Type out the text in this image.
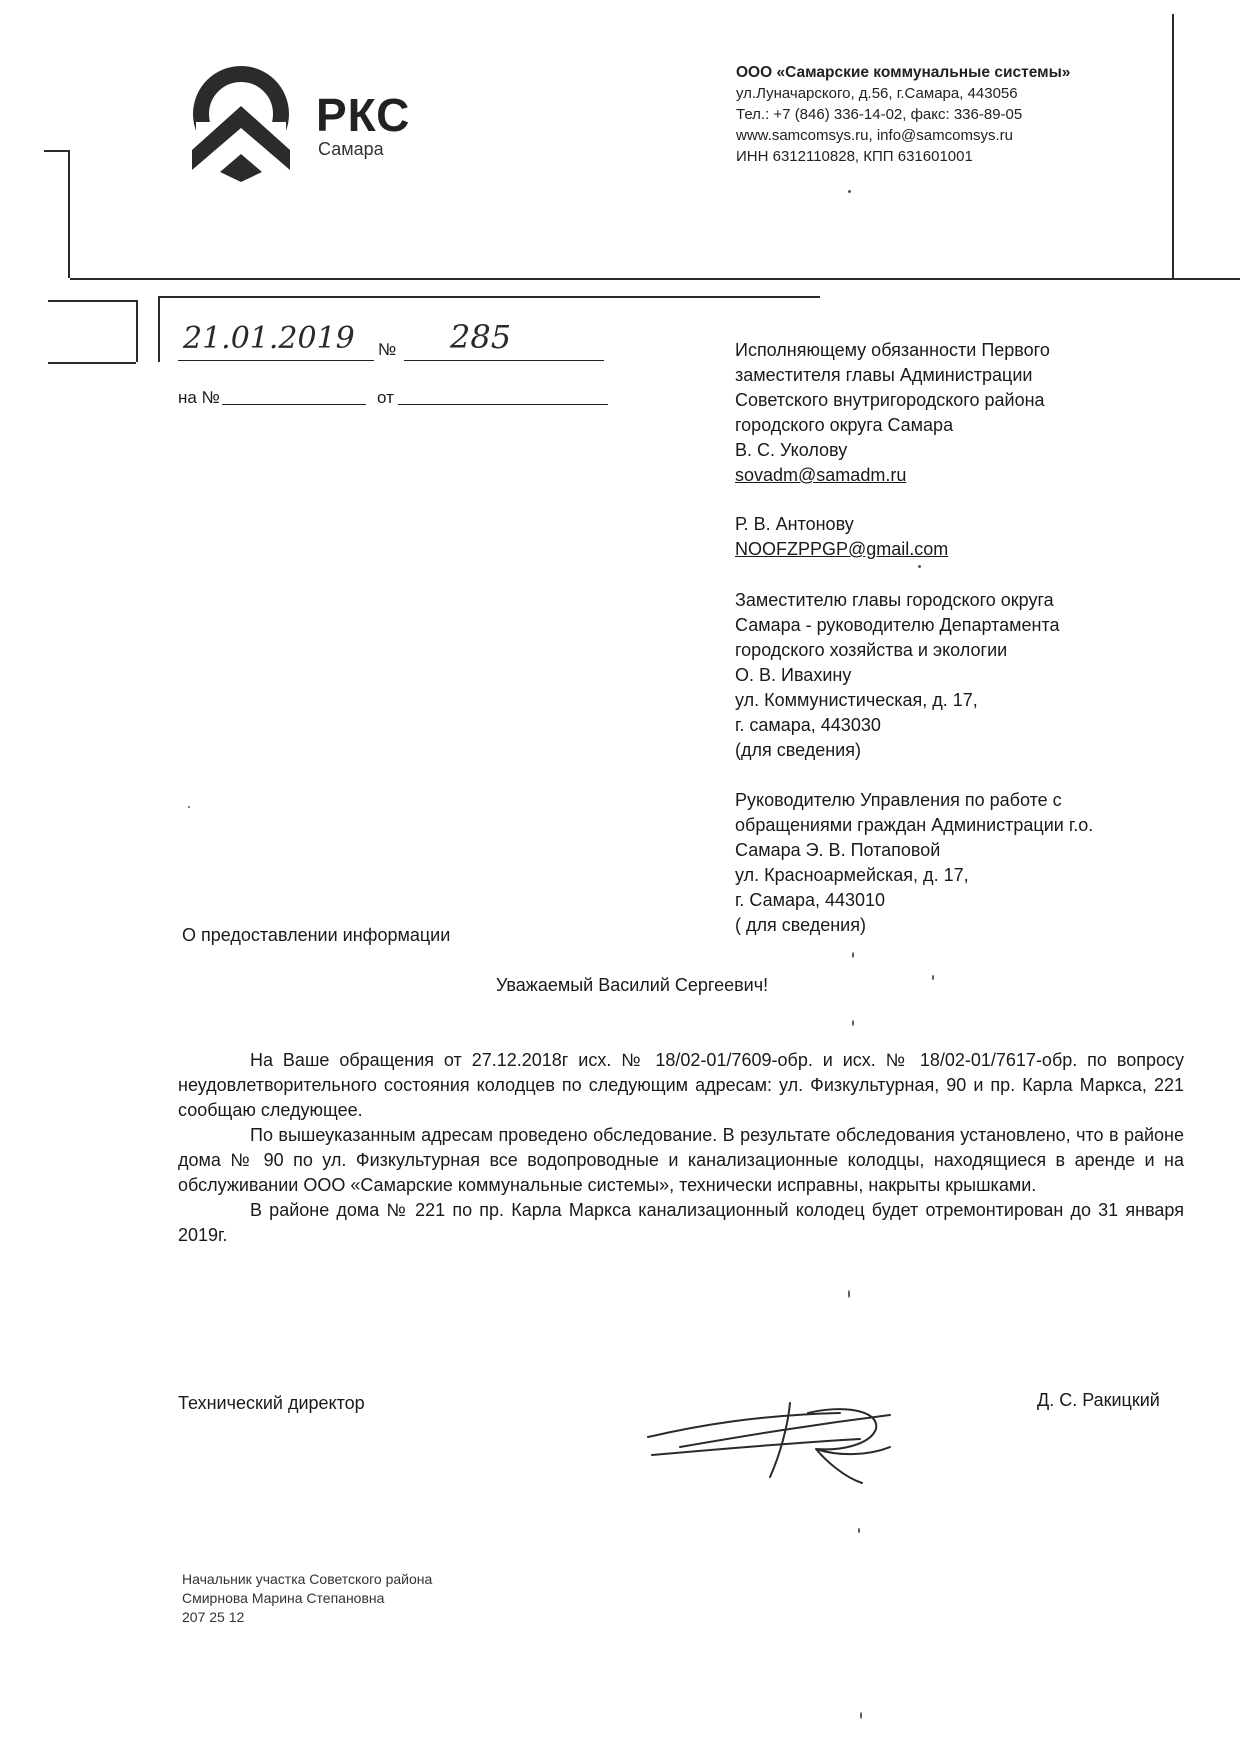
РКС
Самара
ООО «Самарские коммунальные системы»
ул.Луначарского, д.56, г.Самара, 443056
Тел.: +7 (846) 336-14-02, факс: 336-89-05
www.samcomsys.ru, info@samcomsys.ru
ИНН 6312110828, КПП 631601001
21.01.2019 № 285
на №	от
Исполняющему обязанности Первого
заместителя главы Администрации
Советского внутригородского района
городского округа Самара
В. С. Уколову
sovadm@samadm.ru
Р. В. Антонову
NOOFZPPGP@gmail.com
Заместителю главы городского округа
Самара - руководителю Департамента
городского хозяйства и экологии
О. В. Ивахину
ул. Коммунистическая, д. 17,
г. самара, 443030
(для сведения)
Руководителю Управления по работе с
обращениями граждан Администрации г.о.
Самара Э. В. Потаповой
ул. Красноармейская, д. 17,
г. Самара, 443010
( для сведения)
О предоставлении информации
Уважаемый Василий Сергеевич!

На Ваше обращения от 27.12.2018г исх. № 18/02-01/7609-обр. и исх. № 18/02-01/7617-обр. по вопросу неудовлетворительного состояния колодцев по следующим адресам: ул. Физкультурная, 90 и пр. Карла Маркса, 221 сообщаю следующее.

По вышеуказанным адресам проведено обследование. В результате обследования установлено, что в районе дома № 90 по ул. Физкультурная все водопроводные и канализационные колодцы, находящиеся в аренде и на обслуживании ООО «Самарские коммунальные системы», технически исправны, накрыты крышками.

В районе дома № 221 по пр. Карла Маркса канализационный колодец будет отремонтирован до 31 января 2019г.

Технический директор	Д. С. Ракицкий
Начальник участка Советского района
Смирнова Марина Степановна
207 25 12
